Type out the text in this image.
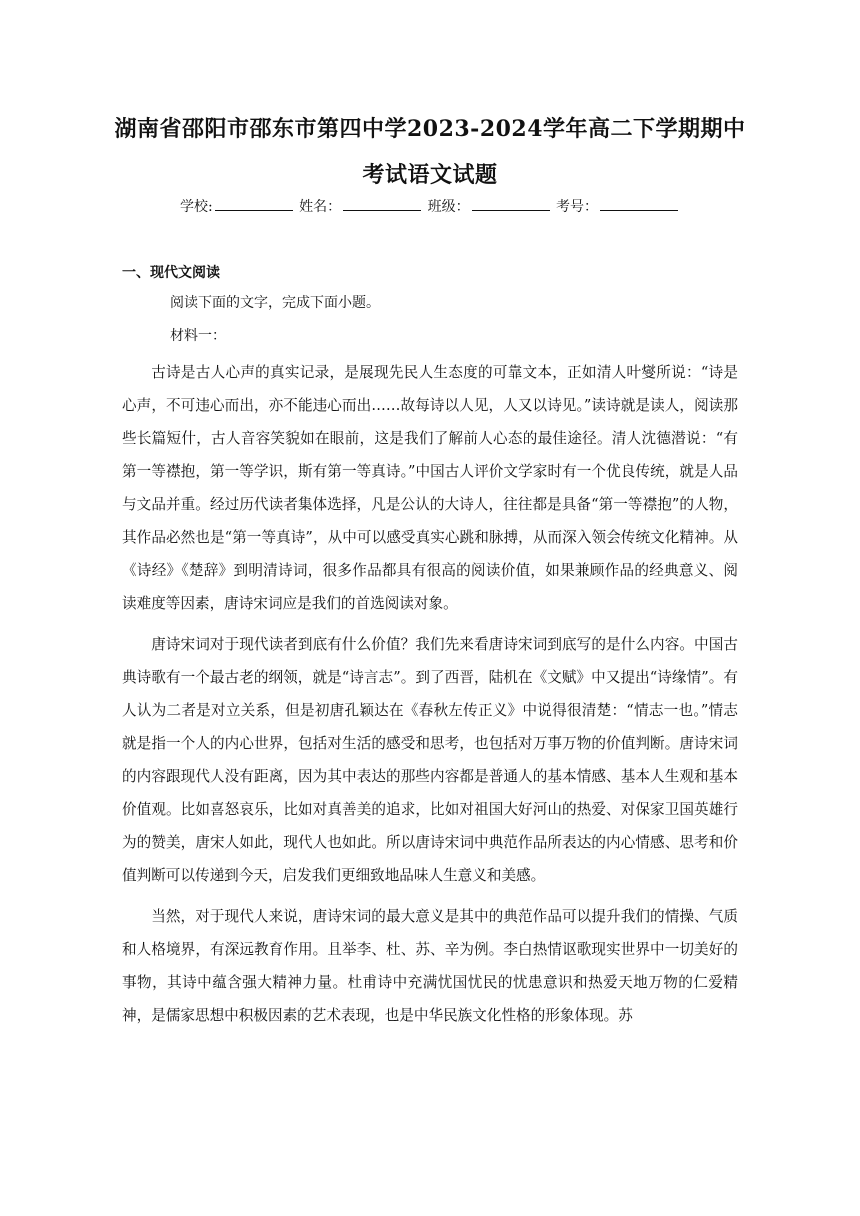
湖南省邵阳市邵东市第四中学2023-2024学年高二下学期期中
考试语文试题
学校:	姓名：	班级：	考号：
一、现代文阅读
阅读下面的文字，完成下面小题。
材料一：

古诗是古人心声的真实记录，是展现先民人生态度的可靠文本，正如清人叶燮所说：“诗是心声，不可违心而出，亦不能违心而出……故每诗以人见，人又以诗见。”读诗就是读人，阅读那些长篇短什，古人音容笑貌如在眼前，这是我们了解前人心态的最佳途径。清人沈德潜说：“有第一等襟抱，第一等学识，斯有第一等真诗。”中国古人评价文学家时有一个优良传统，就是人品与文品并重。经过历代读者集体选择，凡是公认的大诗人，往往都是具备“第一等襟抱”的人物，其作品必然也是“第一等真诗”，从中可以感受真实心跳和脉搏，从而深入领会传统文化精神。从《诗经》《楚辞》到明清诗词，很多作品都具有很高的阅读价值，如果兼顾作品的经典意义、阅读难度等因素，唐诗宋词应是我们的首选阅读对象。

唐诗宋词对于现代读者到底有什么价值？我们先来看唐诗宋词到底写的是什么内容。中国古典诗歌有一个最古老的纲领，就是“诗言志”。到了西晋，陆机在《文赋》中又提出“诗缘情”。有人认为二者是对立关系，但是初唐孔颖达在《春秋左传正义》中说得很清楚：“情志一也。”情志就是指一个人的内心世界，包括对生活的感受和思考，也包括对万事万物的价值判断。唐诗宋词的内容跟现代人没有距离，因为其中表达的那些内容都是普通人的基本情感、基本人生观和基本价值观。比如喜怒哀乐，比如对真善美的追求，比如对祖国大好河山的热爱、对保家卫国英雄行为的赞美，唐宋人如此，现代人也如此。所以唐诗宋词中典范作品所表达的内心情感、思考和价值判断可以传递到今天，启发我们更细致地品味人生意义和美感。

当然，对于现代人来说，唐诗宋词的最大意义是其中的典范作品可以提升我们的情操、气质和人格境界，有深远教育作用。且举李、杜、苏、辛为例。李白热情讴歌现实世界中一切美好的事物，其诗中蕴含强大精神力量。杜甫诗中充满忧国忧民的忧患意识和热爱天地万物的仁爱精神，是儒家思想中积极因素的艺术表现，也是中华民族文化性格的形象体现。苏
